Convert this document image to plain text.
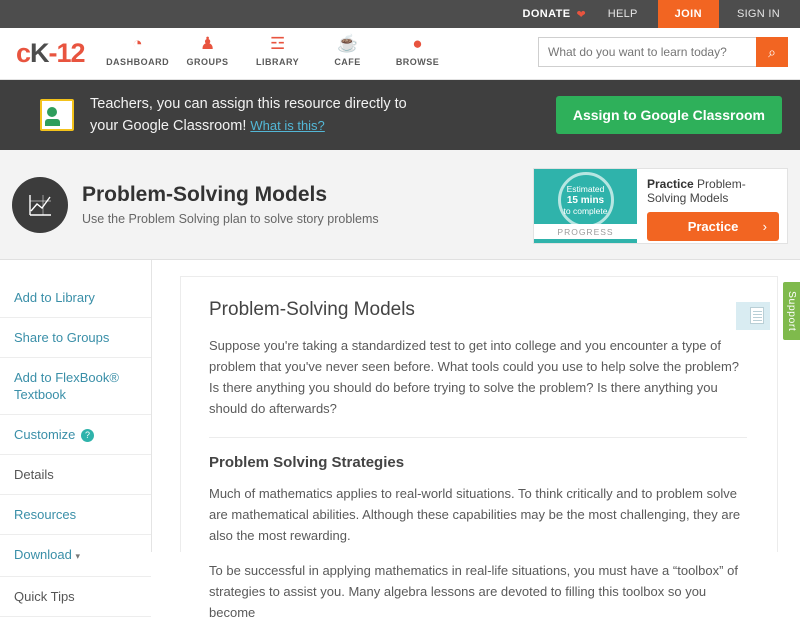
DONATE ❤ HELP	JOIN	SIGN IN
cK-12	◔
DASHBOARD
♟
GROUPS
☲
LIBRARY
☕
CAFE
●
BROWSE
What do you want to learn today?
⌕
Teachers, you can assign this resource directly to
your Google Classroom! What is this?
Assign to Google Classroom
Problem-Solving Models
Use the Problem Solving plan to solve story problems
Estimated
15 mins
to complete
PROGRESS
Practice Problem-Solving Models
Practice ›
Add to Library
Share to Groups
Add to FlexBook® Textbook
Customize ?
Details
Resources
Download ▾
Quick Tips
Problem-Solving Models

Suppose you're taking a standardized test to get into college and you encounter a type of problem that you've never seen before. What tools could you use to help solve the problem? Is there anything you should do before trying to solve the problem? Is there anything you should do afterwards?

Problem Solving Strategies

Much of mathematics applies to real-world situations. To think critically and to problem solve are mathematical abilities. Although these capabilities may be the most challenging, they are also the most rewarding.

To be successful in applying mathematics in real-life situations, you must have a “toolbox” of strategies to assist you. Many algebra lessons are devoted to filling this toolbox so you become

Support
